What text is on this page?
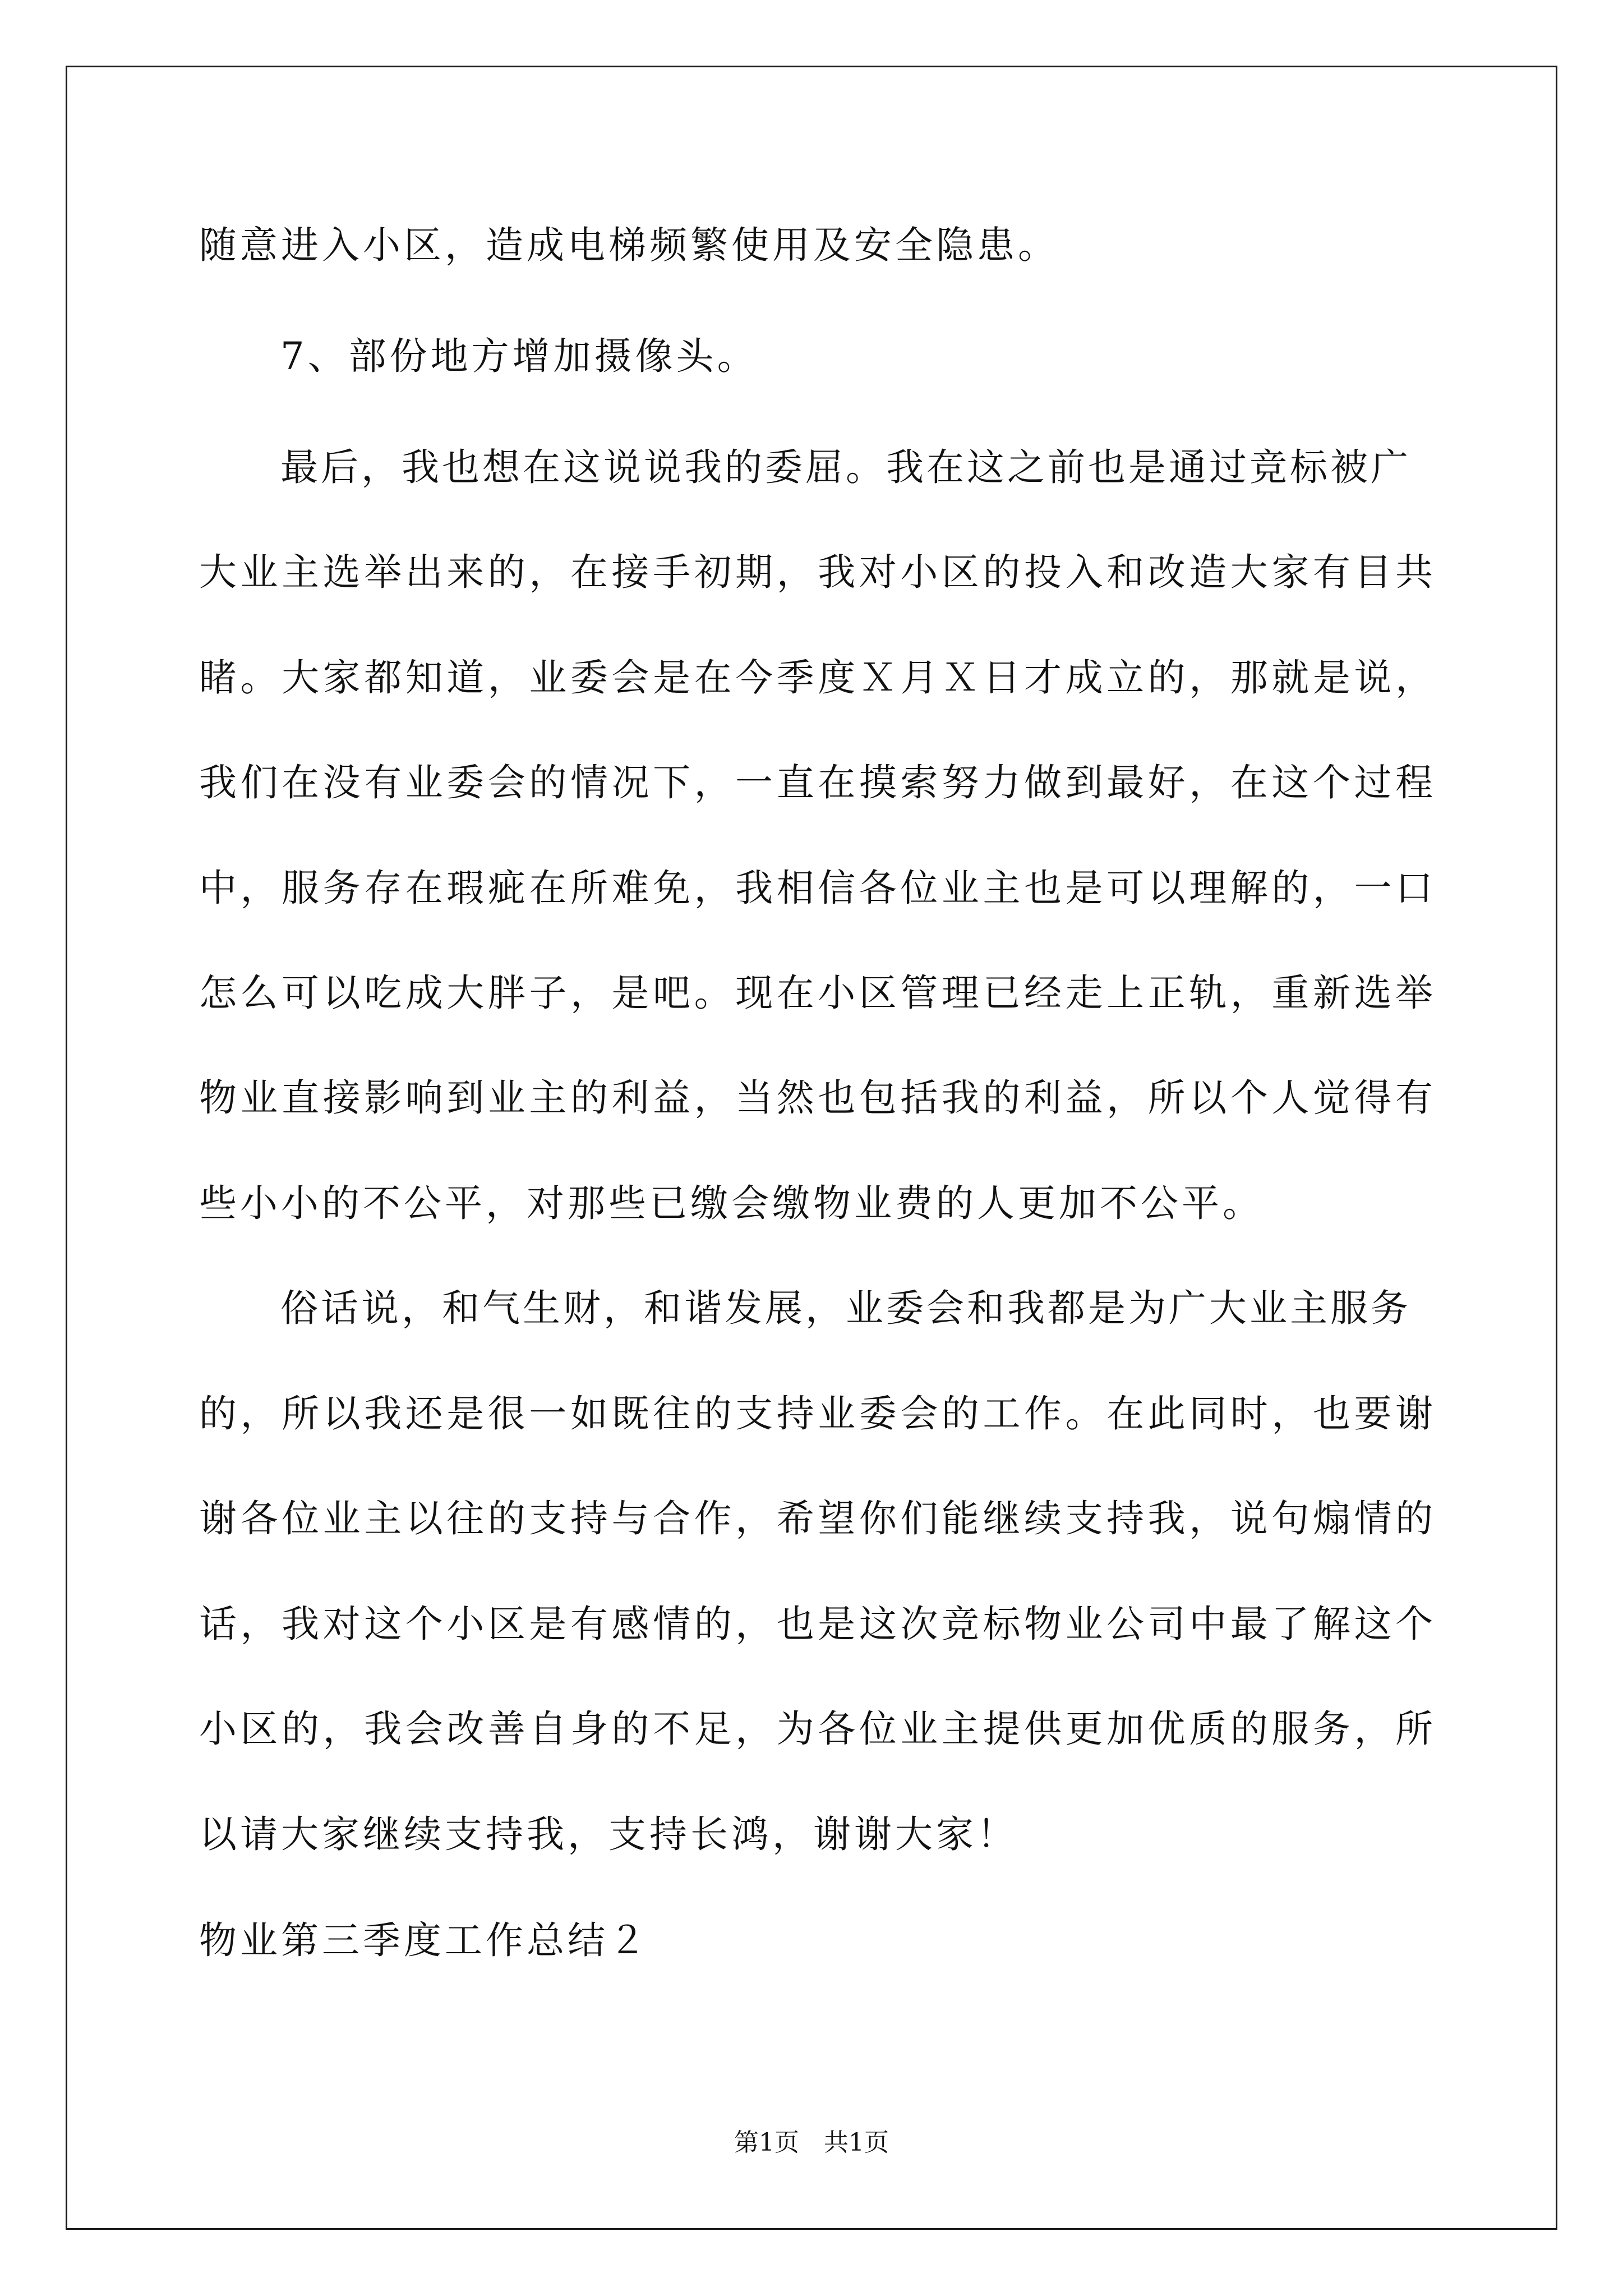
随意进入小区，造成电梯频繁使用及安全隐患。
7、部份地方增加摄像头。
最后，我也想在这说说我的委屈。我在这之前也是通过竞标被广
大业主选举出来的，在接手初期，我对小区的投入和改造大家有目共
睹。大家都知道，业委会是在今季度Ｘ月Ｘ日才成立的，那就是说，
我们在没有业委会的情况下，一直在摸索努力做到最好，在这个过程
中，服务存在瑕疵在所难免，我相信各位业主也是可以理解的，一口
怎么可以吃成大胖子，是吧。现在小区管理已经走上正轨，重新选举
物业直接影响到业主的利益，当然也包括我的利益，所以个人觉得有
些小小的不公平，对那些已缴会缴物业费的人更加不公平。
俗话说，和气生财，和谐发展，业委会和我都是为广大业主服务
的，所以我还是很一如既往的支持业委会的工作。在此同时，也要谢
谢各位业主以往的支持与合作，希望你们能继续支持我，说句煽情的
话，我对这个小区是有感情的，也是这次竞标物业公司中最了解这个
小区的，我会改善自身的不足，为各位业主提供更加优质的服务，所
以请大家继续支持我，支持长鸿，谢谢大家！
物业第三季度工作总结２
第1页　共1页
